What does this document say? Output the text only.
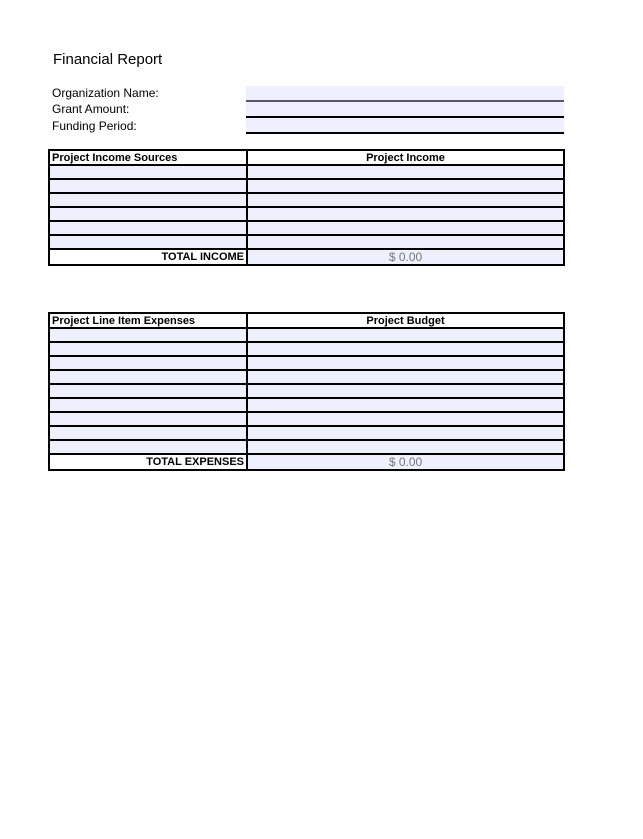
Financial Report
Organization Name:
Grant Amount:
Funding Period:
Project Income Sources	Project Income

TOTAL INCOME	$ 0.00
Project Line Item Expenses	Project Budget

TOTAL EXPENSES	$ 0.00
